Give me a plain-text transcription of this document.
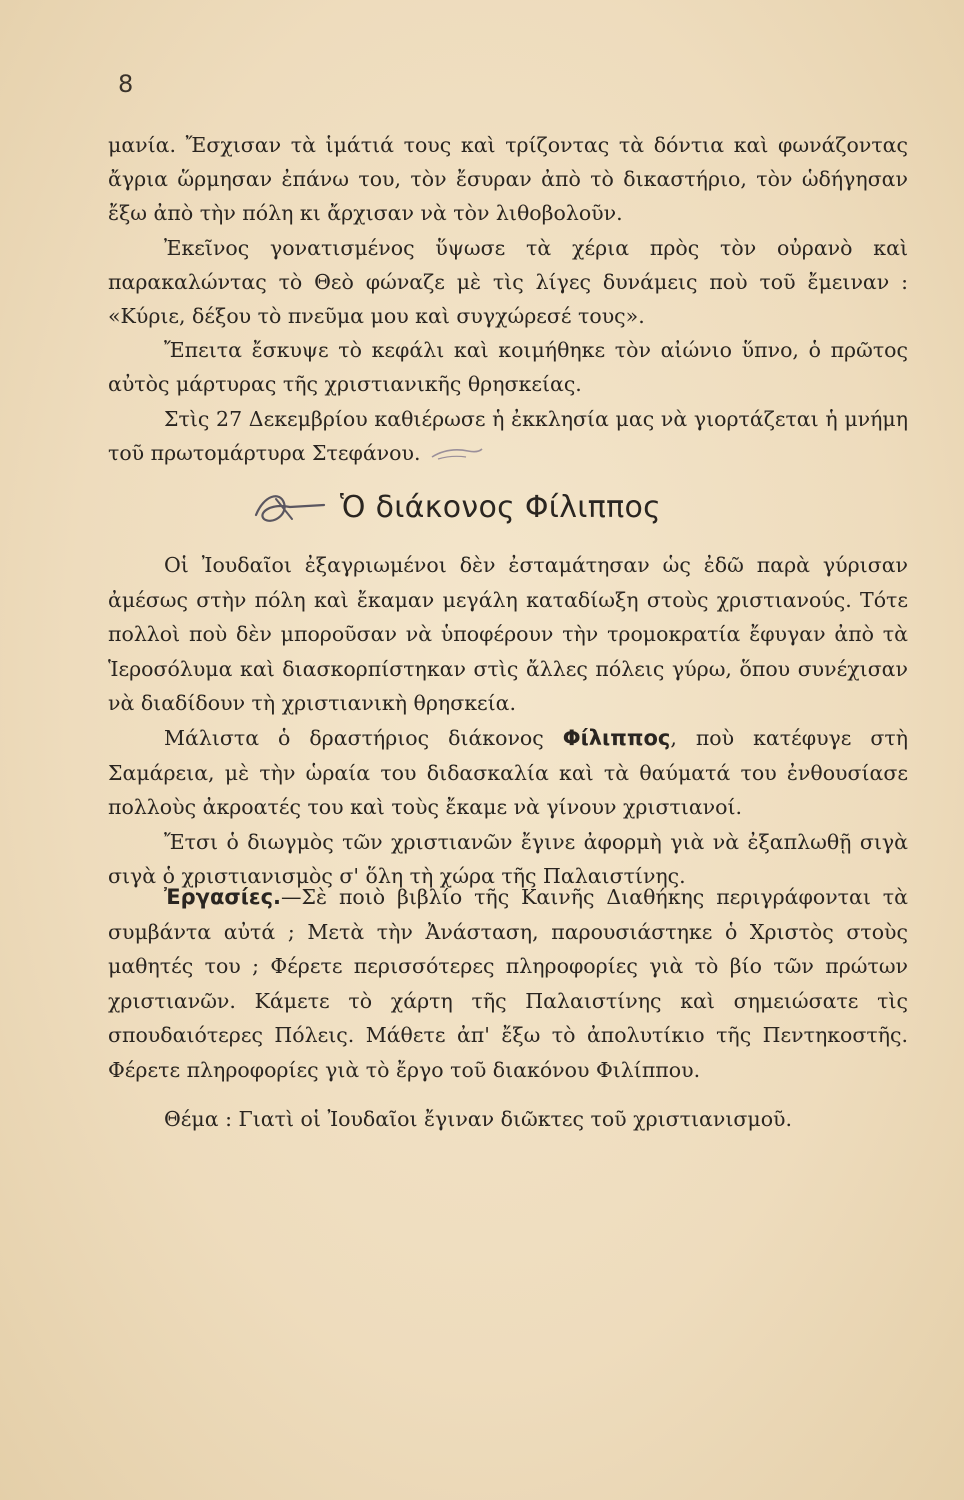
8

μανία. Ἔσχισαν τὰ ἱμάτιά τους καὶ τρίζοντας τὰ δόντια καὶ φωνάζοντας ἄγρια ὥρμησαν ἐπάνω του, τὸν ἔσυραν ἀπὸ τὸ δικαστήριο, τὸν ὡδήγησαν ἔξω ἀπὸ τὴν πόλη κι ἄρχισαν νὰ τὸν λιθοβολοῦν.

Ἐκεῖνος γονατισμένος ὕψωσε τὰ χέρια πρὸς τὸν οὐρανὸ καὶ παρακαλώντας τὸ Θεὸ φώναζε μὲ τὶς λίγες δυνάμεις ποὺ τοῦ ἔμειναν : «Κύριε, δέξου τὸ πνεῦμα μου καὶ συγχώρεσέ τους».

Ἔπειτα ἔσκυψε τὸ κεφάλι καὶ κοιμήθηκε τὸν αἰώνιο ὕπνο, ὁ πρῶτος αὐτὸς μάρτυρας τῆς χριστιανικῆς θρησκείας.

Στὶς 27 Δεκεμβρίου καθιέρωσε ἡ ἐκκλησία μας νὰ γιορτάζεται ἡ μνήμη τοῦ πρωτομάρτυρα Στεφάνου.

Ὁ διάκονος Φίλιππος

Οἱ Ἰουδαῖοι ἐξαγριωμένοι δὲν ἐσταμάτησαν ὡς ἐδῶ παρὰ γύρισαν ἀμέσως στὴν πόλη καὶ ἔκαμαν μεγάλη καταδίωξη στοὺς χριστιανούς. Τότε πολλοὶ ποὺ δὲν μποροῦσαν νὰ ὑποφέρουν τὴν τρομοκρατία ἔφυγαν ἀπὸ τὰ Ἱεροσόλυμα καὶ διασκορπίστηκαν στὶς ἄλλες πόλεις γύρω, ὅπου συνέχισαν νὰ διαδίδουν τὴ χριστιανικὴ θρησκεία.

Μάλιστα ὁ δραστήριος διάκονος Φίλιππος, ποὺ κατέφυγε στὴ Σαμάρεια, μὲ τὴν ὡραία του διδασκαλία καὶ τὰ θαύματά του ἐνθουσίασε πολλοὺς ἀκροατές του καὶ τοὺς ἔκαμε νὰ γίνουν χριστιανοί.

Ἔτσι ὁ διωγμὸς τῶν χριστιανῶν ἔγινε ἀφορμὴ γιὰ νὰ ἐξαπλωθῇ σιγὰ σιγὰ ὁ χριστιανισμὸς σ' ὅλη τὴ χώρα τῆς Παλαιστίνης.

Ἐργασίες.—Σὲ ποιὸ βιβλίο τῆς Καινῆς Διαθήκης περιγράφονται τὰ συμβάντα αὐτά ; Μετὰ τὴν Ἀνάσταση, παρουσιάστηκε ὁ Χριστὸς στοὺς μαθητές του ; Φέρετε περισσότερες πληροφορίες γιὰ τὸ βίο τῶν πρώτων χριστιανῶν. Κάμετε τὸ χάρτη τῆς Παλαιστίνης καὶ σημειώσατε τὶς σπουδαιότερες Πόλεις. Μάθετε ἀπ' ἔξω τὸ ἀπολυτίκιο τῆς Πεντηκοστῆς. Φέρετε πληροφορίες γιὰ τὸ ἔργο τοῦ διακόνου Φιλίππου.

Θέμα : Γιατὶ οἱ Ἰουδαῖοι ἔγιναν διῶκτες τοῦ χριστιανισμοῦ.
